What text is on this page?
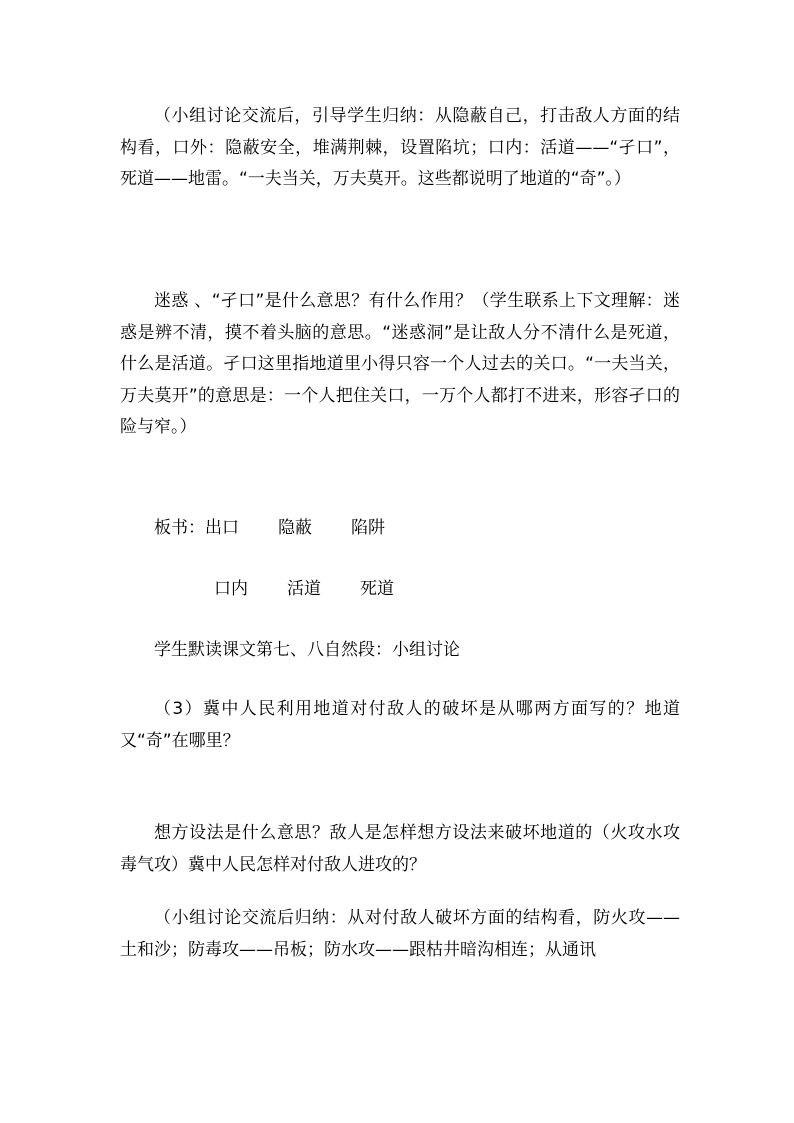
（小组讨论交流后，引导学生归纳：从隐蔽自己，打击敌人方面的结构看，口外：隐蔽安全，堆满荆棘，设置陷坑；口内：活道——“孑口”，死道——地雷。“一夫当关，万夫莫开。这些都说明了地道的“奇”。）

迷惑 、“孑口”是什么意思？有什么作用？（学生联系上下文理解：迷惑是辨不清，摸不着头脑的意思。“迷惑洞”是让敌人分不清什么是死道，什么是活道。孑口这里指地道里小得只容一个人过去的关口。“一夫当关，万夫莫开”的意思是：一个人把住关口，一万个人都打不进来，形容孑口的险与窄。）

板书：出口 隐蔽 陷阱
口内 活道 死道

学生默读课文第七、八自然段：小组讨论

（3）冀中人民利用地道对付敌人的破坏是从哪两方面写的？地道又“奇”在哪里？

想方设法是什么意思？敌人是怎样想方设法来破坏地道的（火攻水攻 毒气攻）冀中人民怎样对付敌人进攻的？

（小组讨论交流后归纳：从对付敌人破坏方面的结构看，防火攻——土和沙；防毒攻——吊板；防水攻——跟枯井暗沟相连；从通讯
